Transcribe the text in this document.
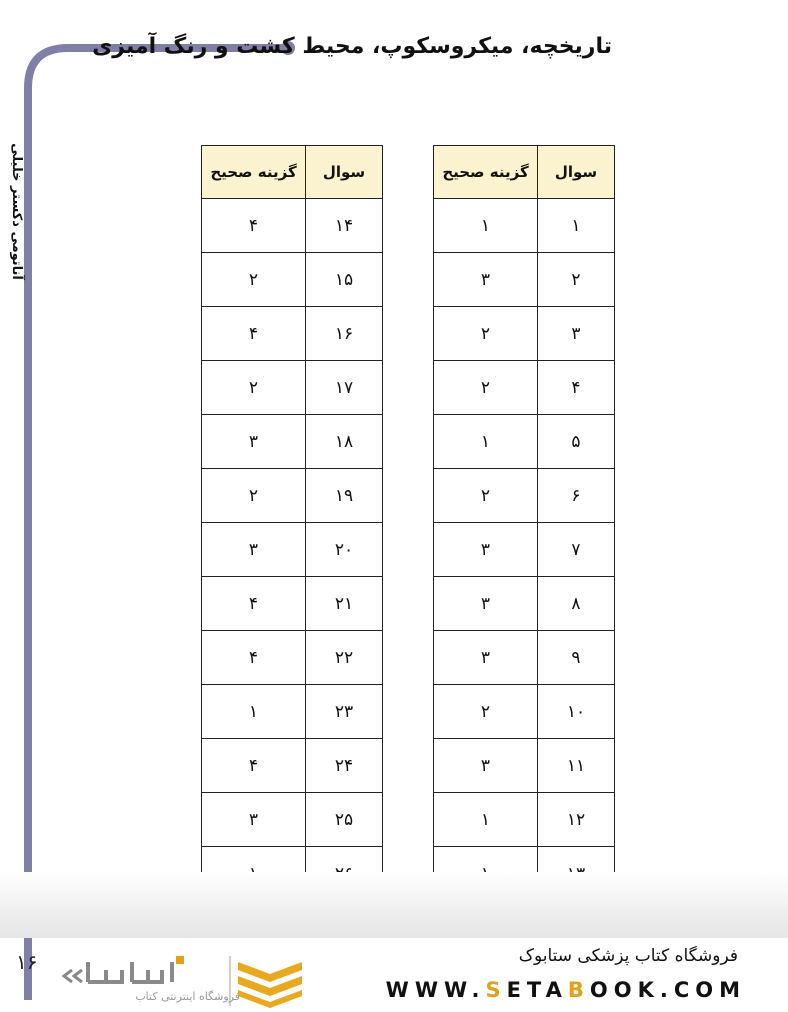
تاریخچه، میکروسکوپ، محیط کشت و رنگ آمیزی
آناتومی دکستر خلیلی	گزینه صحیح	سوال
۴	۱۴
۲	۱۵
۴	۱۶
۲	۱۷
۳	۱۸
۲	۱۹
۳	۲۰
۴	۲۱
۴	۲۲
۱	۲۳
۴	۲۴
۳	۲۵

گزینه صحیح	سوال
۱	۱
۳	۲
۲	۳
۲	۴
۱	۵
۲	۶
۳	۷
۳	۸
۳	۹
۲	۱۰
۳	۱۱
۱	۱۲

۱۶
فروشگاه اینترنتی کتاب
فروشگاه کتاب پزشکی ستابوک
WWW.SETABOOK.COM
